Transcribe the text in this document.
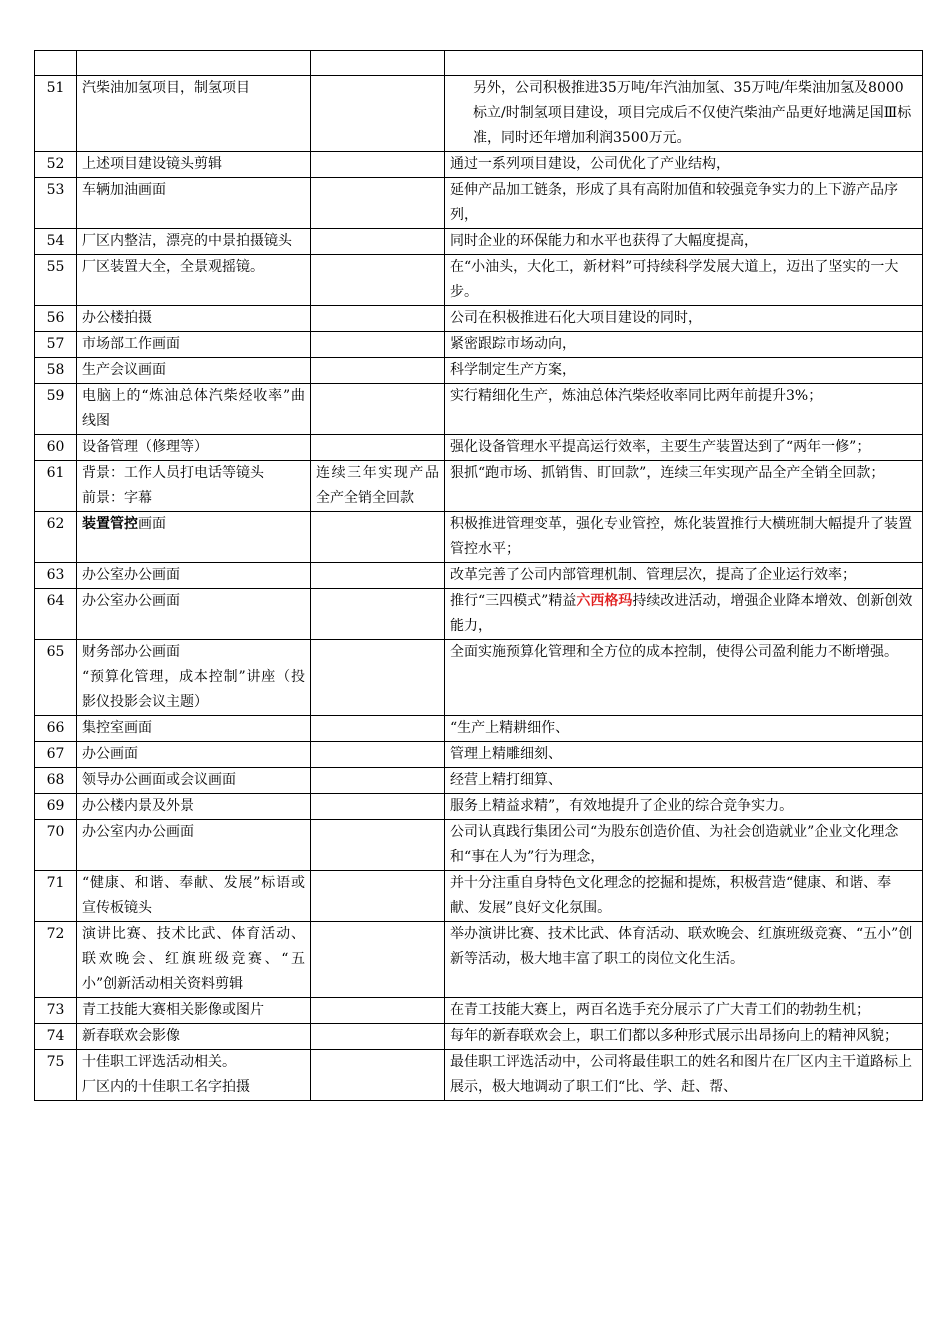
51	汽柴油加氢项目，制氢项目		另外，公司积极推进35万吨/年汽油加氢、35万吨/年柴油加氢及8000标立/时制氢项目建设，项目完成后不仅使汽柴油产品更好地满足国Ⅲ标准，同时还年增加利润3500万元。
52	上述项目建设镜头剪辑		通过一系列项目建设，公司优化了产业结构，
53	车辆加油画面		延伸产品加工链条，形成了具有高附加值和较强竞争实力的上下游产品序列，
54	厂区内整洁，漂亮的中景拍摄镜头		同时企业的环保能力和水平也获得了大幅度提高，
55	厂区装置大全，全景观摇镜。		在“小油头，大化工，新材料”可持续科学发展大道上，迈出了坚实的一大步。
56	办公楼拍摄		公司在积极推进石化大项目建设的同时，
57	市场部工作画面		紧密跟踪市场动向，
58	生产会议画面		科学制定生产方案，
59	电脑上的“炼油总体汽柴烃收率”曲线图		实行精细化生产，炼油总体汽柴烃收率同比两年前提升3%；
60	设备管理（修理等）		强化设备管理水平提高运行效率，主要生产装置达到了“两年一修”；
61	背景：工作人员打电话等镜头
前景：字幕	连续三年实现产品全产全销全回款	狠抓“跑市场、抓销售、盯回款”，连续三年实现产品全产全销全回款；
62	装置管控画面		积极推进管理变革，强化专业管控，炼化装置推行大横班制大幅提升了装置管控水平；
63	办公室办公画面		改革完善了公司内部管理机制、管理层次，提高了企业运行效率；
64	办公室办公画面		推行“三四模式”精益六西格玛持续改进活动，增强企业降本增效、创新创效能力，
65	财务部办公画面
“预算化管理，成本控制”讲座（投影仪投影会议主题）		全面实施预算化管理和全方位的成本控制，使得公司盈利能力不断增强。
66	集控室画面		“生产上精耕细作、
67	办公画面		管理上精雕细刻、
68	领导办公画面或会议画面		经营上精打细算、
69	办公楼内景及外景		服务上精益求精”，有效地提升了企业的综合竞争实力。
70	办公室内办公画面		公司认真践行集团公司“为股东创造价值、为社会创造就业”企业文化理念和“事在人为”行为理念，
71	“健康、和谐、奉献、发展”标语或宣传板镜头		并十分注重自身特色文化理念的挖掘和提炼，积极营造“健康、和谐、奉献、发展”良好文化氛围。
72	演讲比赛、技术比武、体育活动、联欢晚会、红旗班级竞赛、“五小”创新活动相关资料剪辑		举办演讲比赛、技术比武、体育活动、联欢晚会、红旗班级竞赛、“五小”创新等活动，极大地丰富了职工的岗位文化生活。
73	青工技能大赛相关影像或图片		在青工技能大赛上，两百名选手充分展示了广大青工们的勃勃生机；
74	新春联欢会影像		每年的新春联欢会上，职工们都以多种形式展示出昂扬向上的精神风貌；
75	十佳职工评选活动相关。
厂区内的十佳职工名字拍摄		最佳职工评选活动中，公司将最佳职工的姓名和图片在厂区内主干道路标上展示，极大地调动了职工们“比、学、赶、帮、
